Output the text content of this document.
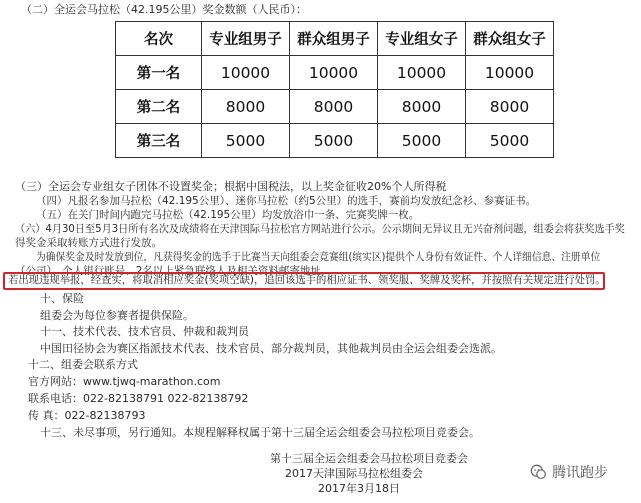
（二）全运会马拉松（42.195公里）奖金数额（人民币）：
名次	专业组男子	群众组男子	专业组女子	群众组女子
第一名	10000	10000	10000	10000
第二名	8000	8000	8000	8000
第三名	5000	5000	5000	5000
（三）全运会专业组女子团体不设置奖金；根据中国税法，以上奖金征收20%个人所得税
（四）凡报名参加马拉松（42.195公里）、迷你马拉松（约5公里）的选手，赛前均发放纪念衫、参赛证书。
（五）在关门时间内跑完马拉松（42.195公里）均发放浴巾一条、完赛奖牌一枚。
（六）4月30日至5月3日所有名次及成绩将在天津国际马拉松官方网站进行公示。公示期间无异议且无兴奋剂问题，组委会将获奖选手奖
得奖金采取转账方式进行发放。
为确保奖金及时发放到位，凡获得奖金的选手于比赛当天向组委会竞赛组(缤实区)提供个人身份有效证件、个人详细信息、注册单位
（公司）、个人银行账号、2名以上紧急联络人及相关资料邮寄地址。
若出现违规举报，经查实，将取消相应奖金(奖项空缺)，追回该选手的相应证书、领奖服、奖牌及奖杯，并按照有关规定进行处罚。
十、保险
组委会为每位参赛者提供保险。
十一、技术代表、技术官员、仲裁和裁判员
中国田径协会为赛区指派技术代表、技术官员、部分裁判员，其他裁判员由全运会组委会选派。
十二、组委会联系方式
官方网站：www.tjwq-marathon.com
联系电话：022-82138791 022-82138792
传 真：022-82138793
十三、未尽事项，另行通知。本规程解释权属于第十三届全运会组委会马拉松项目竞委会。
第十三届全运会组委会马拉松项目竞委会
2017天津国际马拉松组委会
2017年3月18日
腾讯跑步
